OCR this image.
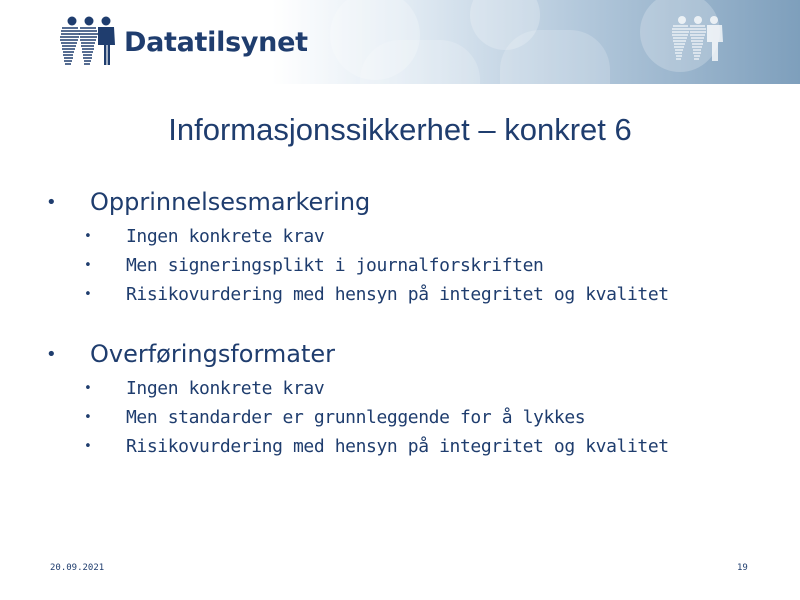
Datatilsynet
Informasjonssikkerhet – konkret 6
• Opprinnelsesmarkering
• Ingen konkrete krav
• Men signeringsplikt i journalforskriften
• Risikovurdering med hensyn på integritet og kvalitet
• Overføringsformater
• Ingen konkrete krav
• Men standarder er grunnleggende for å lykkes
• Risikovurdering med hensyn på integritet og kvalitet
20.09.2021	19
